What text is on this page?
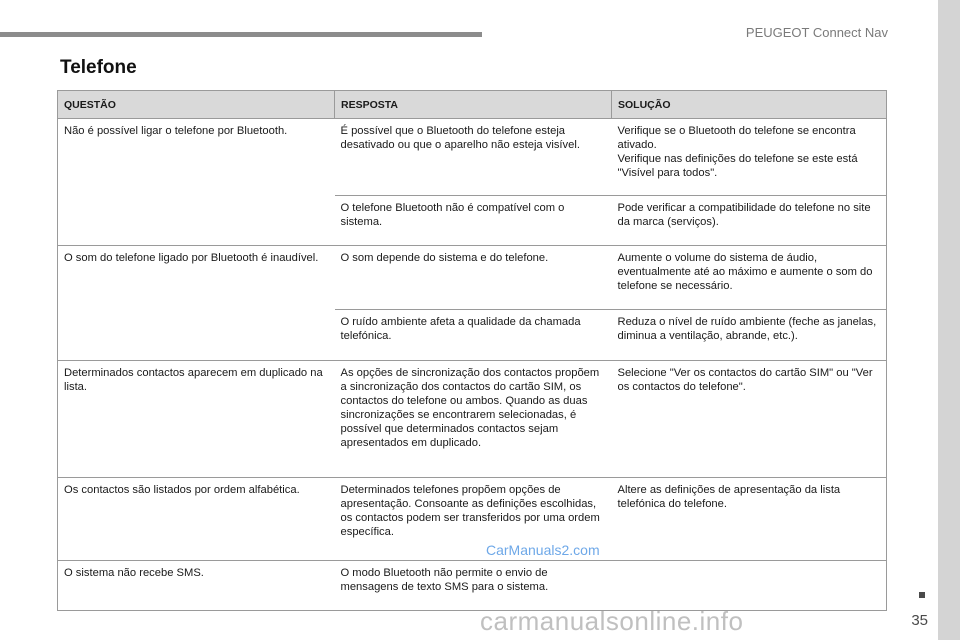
PEUGEOT Connect Nav
35
Telefone
QUESTÃO	RESPOSTA	SOLUÇÃO
Não é possível ligar o telefone por Bluetooth.	É possível que o Bluetooth do telefone esteja desativado ou que o aparelho não esteja visível.	Verifique se o Bluetooth do telefone se encontra ativado.
Verifique nas definições do telefone se este está "Visível para todos".
	O telefone Bluetooth não é compatível com o sistema.	Pode verificar a compatibilidade do telefone no site da marca (serviços).
O som do telefone ligado por Bluetooth é inaudível.	O som depende do sistema e do telefone.	Aumente o volume do sistema de áudio, eventualmente até ao máximo e aumente o som do telefone se necessário.
	O ruído ambiente afeta a qualidade da chamada telefónica.	Reduza o nível de ruído ambiente (feche as janelas, diminua a ventilação, abrande, etc.).
Determinados contactos aparecem em duplicado na lista.	As opções de sincronização dos contactos propõem a sincronização dos contactos do cartão SIM, os contactos do telefone ou ambos. Quando as duas sincronizações se encontrarem selecionadas, é possível que determinados contactos sejam apresentados em duplicado.	Selecione "Ver os contactos do cartão SIM" ou "Ver os contactos do telefone".
Os contactos são listados por ordem alfabética.	Determinados telefones propõem opções de apresentação. Consoante as definições escolhidas, os contactos podem ser transferidos por uma ordem específica.	Altere as definições de apresentação da lista telefónica do telefone.
O sistema não recebe SMS.	O modo Bluetooth não permite o envio de mensagens de texto SMS para o sistema.	
CarManuals2.com
carmanualsonline.info
